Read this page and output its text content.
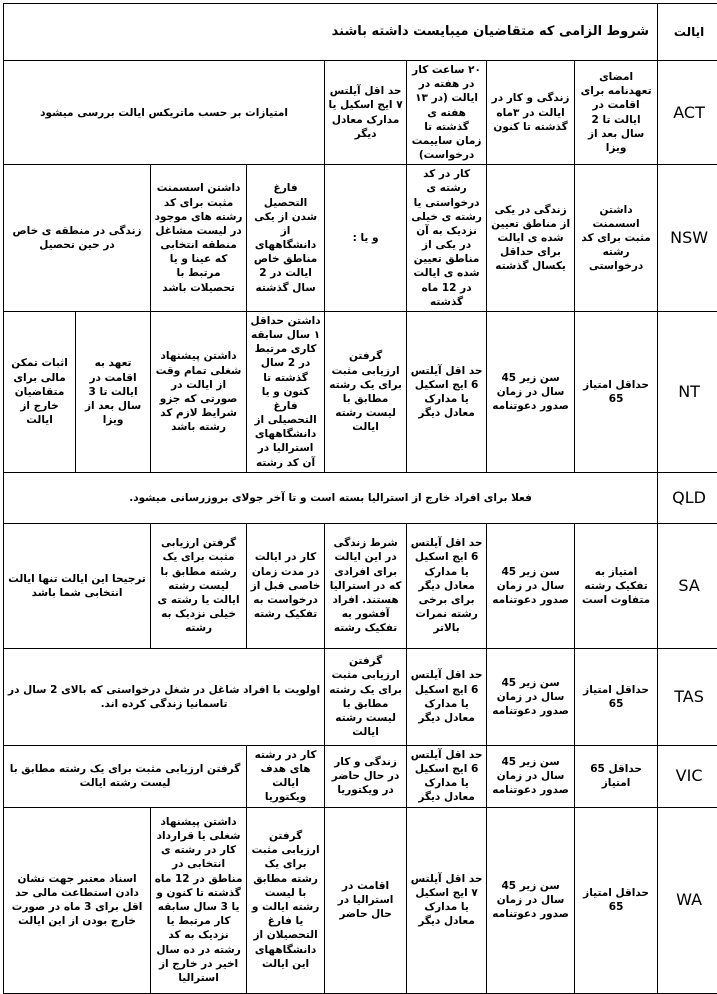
ایالت	شروط الزامی که متقاضیان میبایست داشته باشند							
ACT	امضای تعهدنامه برای اقامت در ایالت تا 2 سال بعد از ویزا	زندگی و کار در ایالت در ۳ماه گذشته تا کنون	۲۰ ساعت کار در هفته در ایالت (در ۱۳ هفته ی گذشته تا زمان ساییمت درخواست)	حد اقل آیلتس ۷ ایج اسکیل یا مدارک معادل دیگر	امتیازات بر حسب ماتریکس ایالت بررسی میشود			
NSW	داشتن اسسمنت مثبت برای کد رشته درخواستی	زندگی در یکی از مناطق تعیین شده ی ایالت برای حداقل یکسال گذشته	کار در کد رشته ی درخواستی یا رشته ی خیلی نزدیک به آن در یکی از مناطق تعیین شده ی ایالت در 12 ماه گذشته	و یا :	فارغ التحصیل شدن از یکی از دانشگاههای مناطق خاص ایالت در 2 سال گذشته	داشتن اسسمنت مثبت برای کد رشته های موجود در لیست مشاغل منطقه انتخابی که عینا و یا مرتبط با تحصیلات باشد	زندگی در منطقه ی خاص در حین تحصیل	
NT	حداقل امتیاز 65	سن زیر 45 سال در زمان صدور دعوتنامه	حد اقل آیلتس 6 ایج اسکیل یا مدارک معادل دیگر	گرفتن ارزیابی مثبت برای یک رشته مطابق با لیست رشته ایالت	داشتن حداقل ۱ سال سابقه کاری مرتبط در 2 سال گذشته تا کنون و یا فارغ التحصیلی از دانشگاههای استرالیا در آن کد رشته	داشتن پیشنهاد شغلی تمام وقت از ایالت در صورتی که جزو شرایط لازم کد رشته باشد	تعهد به اقامت در ایالت تا 3 سال بعد از ویزا	اثبات تمکن مالی برای متقاضیان خارج از ایالت
QLD	فعلا برای افراد خارج از استرالیا بسته است و تا آخر جولای بروزرسانی میشود.							
SA	امتیاز به تفکیک رشته متفاوت است	سن زیر 45 سال در زمان صدور دعوتنامه	حد اقل آیلتس 6 ایج اسکیل یا مدارک معادل دیگر برای برخی رشته نمرات بالاتر	شرط زندگی در این ایالت برای افرادی که در استرالیا هستند. افراد آفشور به تفکیک رشته	کار در ایالت در مدت زمان خاصی قبل از درخواست به تفکیک رشته	گرفتن ارزیابی مثبت برای یک رشته مطابق با لیست رشته ایالت یا رشته ی خیلی نزدیک به رشته	ترجیحا این ایالت تنها ایالت انتخابی شما باشد	
TAS	حداقل امتیاز 65	سن زیر 45 سال در زمان صدور دعوتنامه	حد اقل آیلتس 6 ایج اسکیل یا مدارک معادل دیگر	گرفتن ارزیابی مثبت برای یک رشته مطابق با لیست رشته ایالت	اولویت با افراد شاغل در شغل درخواستی که بالای 2 سال در تاسمانیا زندگی کرده اند.			
VIC	حداقل 65 امتیاز	سن زیر 45 سال در زمان صدور دعوتنامه	حد اقل آیلتس 6 ایج اسکیل یا مدارک معادل دیگر	زندگی و کار در حال حاضر در ویکتوریا	کار در رشته های هدف ایالت ویکتوریا	گرفتن ارزیابی مثبت برای یک رشته مطابق با لیست رشته ایالت		
WA	حداقل امتیاز 65	سن زیر 45 سال در زمان صدور دعوتنامه	حد اقل آیلتس ۷ ایج اسکیل یا مدارک معادل دیگر	اقامت در استرالیا در حال حاضر	گرفتن ارزیابی مثبت برای یک رشته مطابق با لیست رشته ایالت و یا فارغ التحصیلان از دانشگاههای این ایالت	داشتن پیشنهاد شغلی یا قرارداد کار در رشته ی انتخابی در مناطق در 12 ماه گذشته تا کنون و یا 3 سال سابقه کار مرتبط یا نزدیک به کد رشته در ده سال اخیر در خارج از استرالیا	اسناد معتبر جهت نشان دادن استطاعت مالی حد اقل برای 3 ماه در صورت خارج بودن از این ایالت	
